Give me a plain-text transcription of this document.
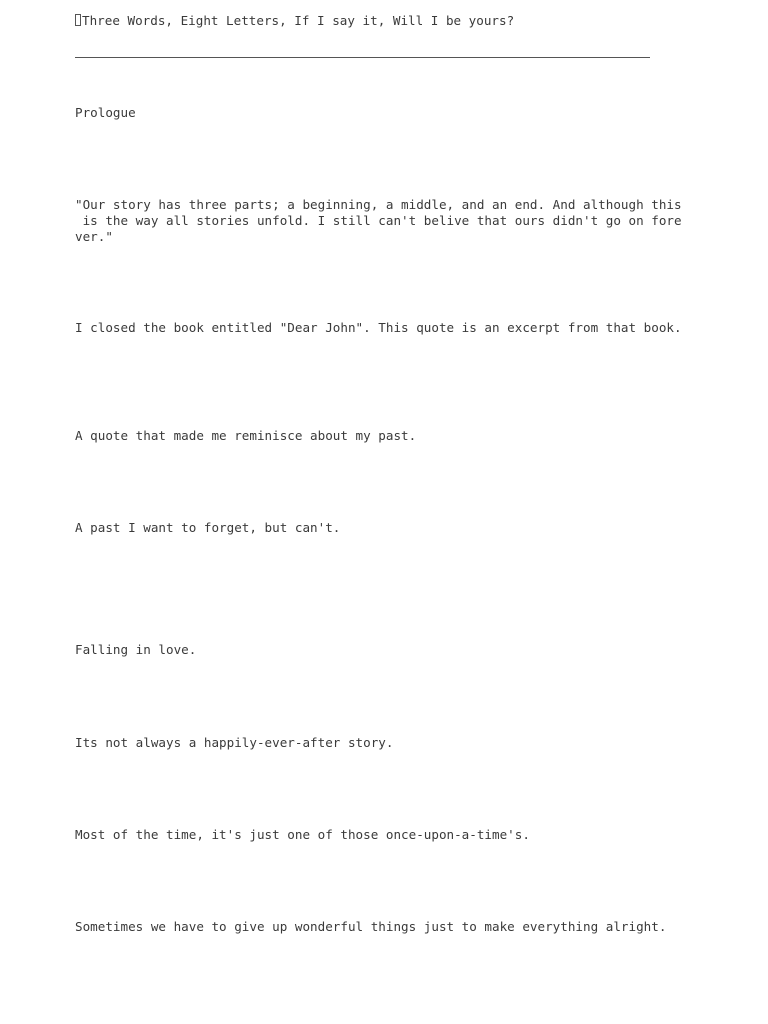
Three Words, Eight Letters, If I say it, Will I be yours?
Prologue
"Our story has three parts; a beginning, a middle, and an end. And although this
is the way all stories unfold. I still can't belive that ours didn't go on fore
ver."
I closed the book entitled "Dear John". This quote is an excerpt from that book.
A quote that made me reminisce about my past.
A past I want to forget, but can't.
Falling in love.
Its not always a happily-ever-after story.
Most of the time, it's just one of those once-upon-a-time's.
Sometimes we have to give up wonderful things just to make everything alright.
